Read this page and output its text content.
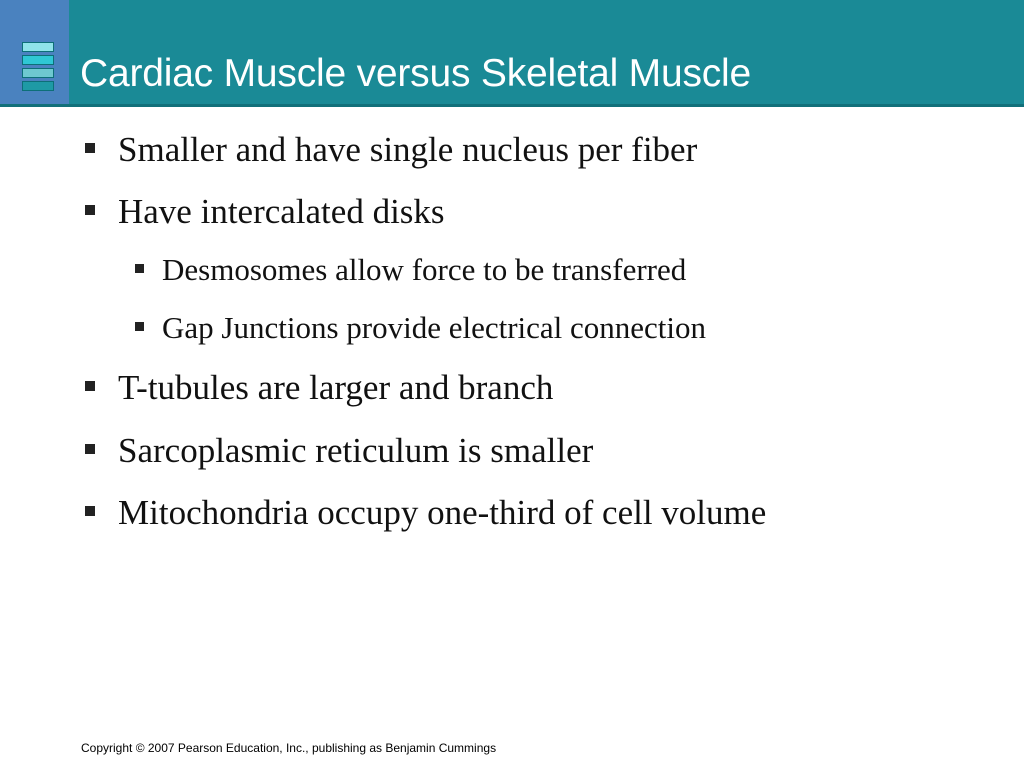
Cardiac Muscle versus Skeletal Muscle
Smaller and have single nucleus per fiber
Have intercalated disks
Desmosomes allow force to be transferred
Gap Junctions provide electrical connection
T-tubules are larger and branch
Sarcoplasmic reticulum is smaller
Mitochondria occupy one-third of cell volume
Copyright © 2007 Pearson Education, Inc., publishing as Benjamin Cummings
